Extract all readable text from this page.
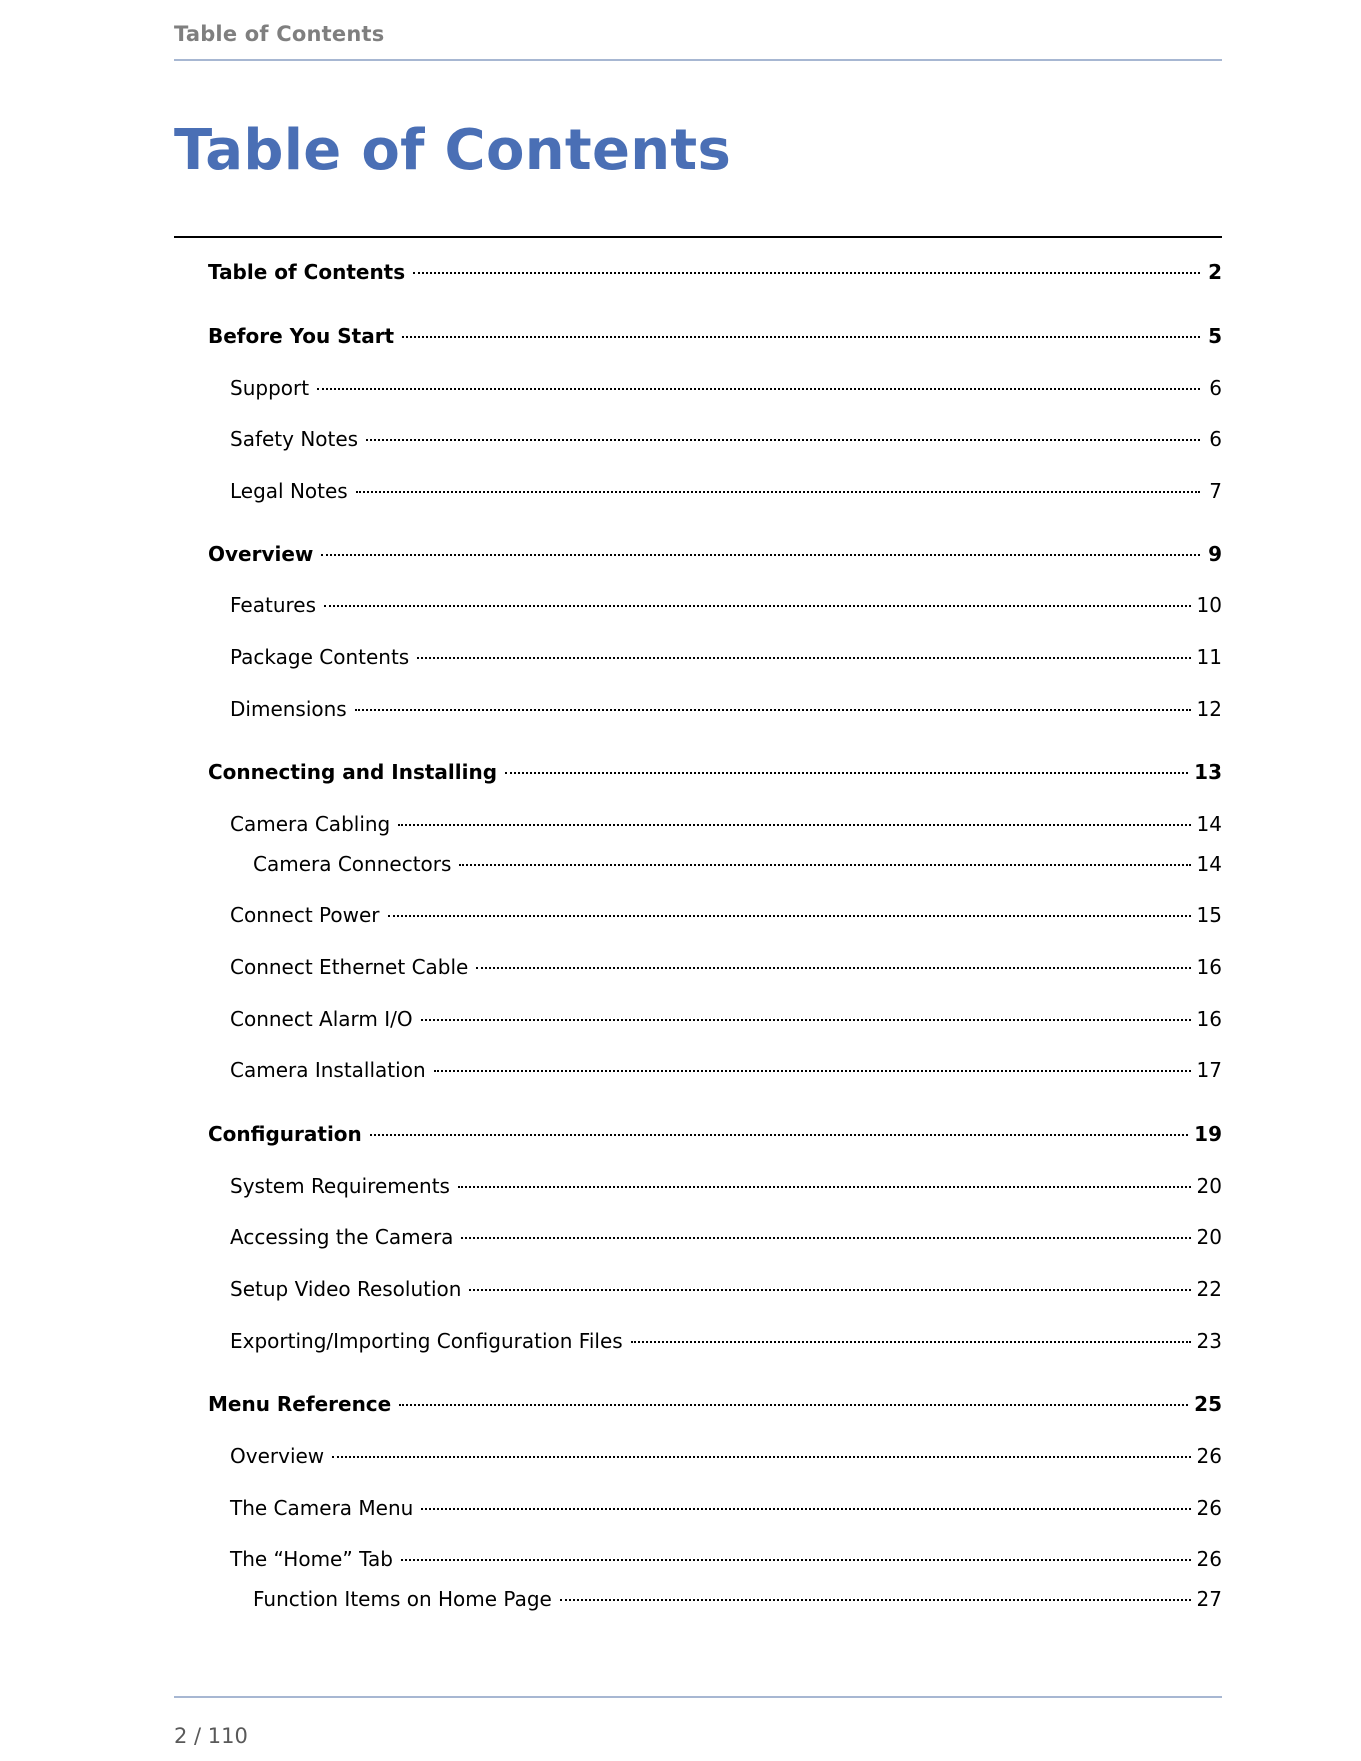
Table of Contents
Table of Contents
Table of Contents	2
Before You Start	5
Support	6
Safety Notes	6
Legal Notes	7
Overview	9
Features	10
Package Contents	11
Dimensions	12
Connecting and Installing	13
Camera Cabling	14
Camera Connectors	14
Connect Power	15
Connect Ethernet Cable	16
Connect Alarm I/O	16
Camera Installation	17
Configuration	19
System Requirements	20
Accessing the Camera	20
Setup Video Resolution	22
Exporting/Importing Configuration Files	23
Menu Reference	25
Overview	26
The Camera Menu	26
The “Home” Tab	26
Function Items on Home Page	27
2 / 110
